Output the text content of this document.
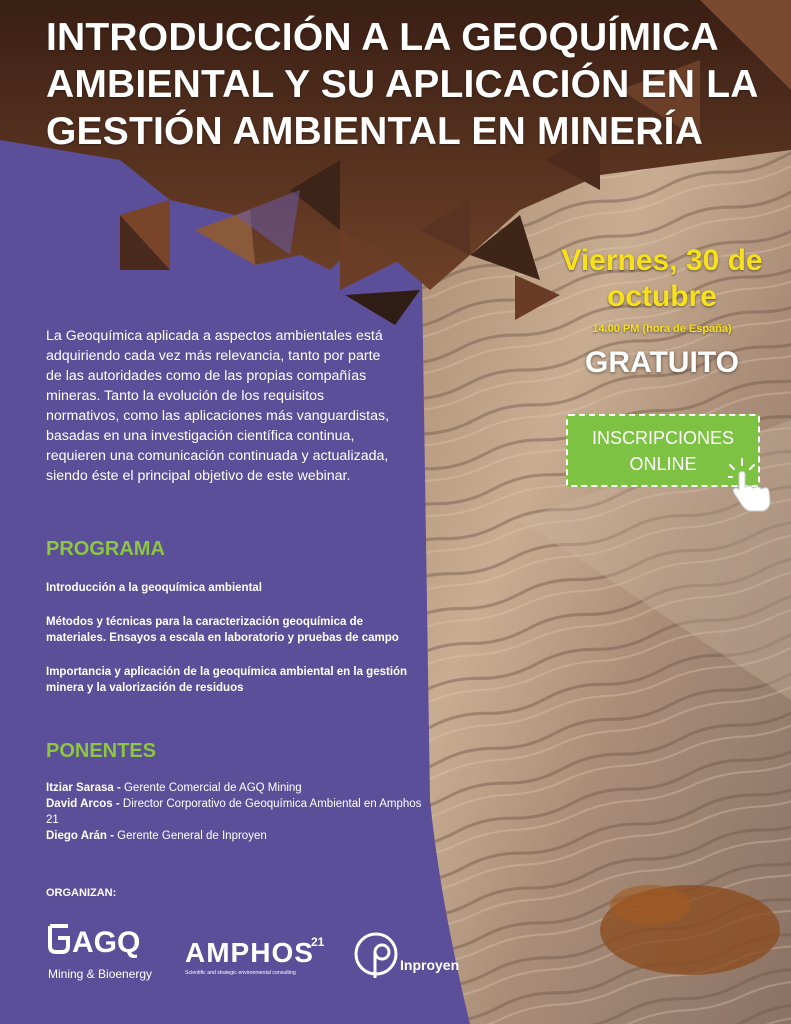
INTRODUCCIÓN A LA GEOQUÍMICA
AMBIENTAL Y SU APLICACIÓN EN LA
GESTIÓN AMBIENTAL EN MINERÍA
Viernes, 30 de
octubre
14.00 PM (hora de España)
GRATUITO
INSCRIPCIONES ONLINE
La Geoquímica aplicada a aspectos ambientales está adquiriendo cada vez más relevancia, tanto por parte de las autoridades como de las propias compañías mineras. Tanto la evolución de los requisitos normativos, como las aplicaciones más vanguardistas, basadas en una investigación científica continua, requieren una comunicación continuada y actualizada, siendo éste el principal objetivo de este webinar.
PROGRAMA
Introducción a la geoquímica ambiental
Métodos y técnicas para la caracterización geoquímica de materiales. Ensayos a escala en laboratorio y pruebas de campo
Importancia y aplicación de la geoquímica ambiental en la gestión minera y la valorización de residuos
PONENTES
Itziar Sarasa - Gerente Comercial de AGQ Mining
David Arcos - Director Corporativo de Geoquímica Ambiental en Amphos 21
Diego Arán - Gerente General de Inproyen
ORGANIZAN:
AGQ
Mining & Bioenergy
AMPHOS
21
Scientific and strategic environmental consulting	Inproyen
